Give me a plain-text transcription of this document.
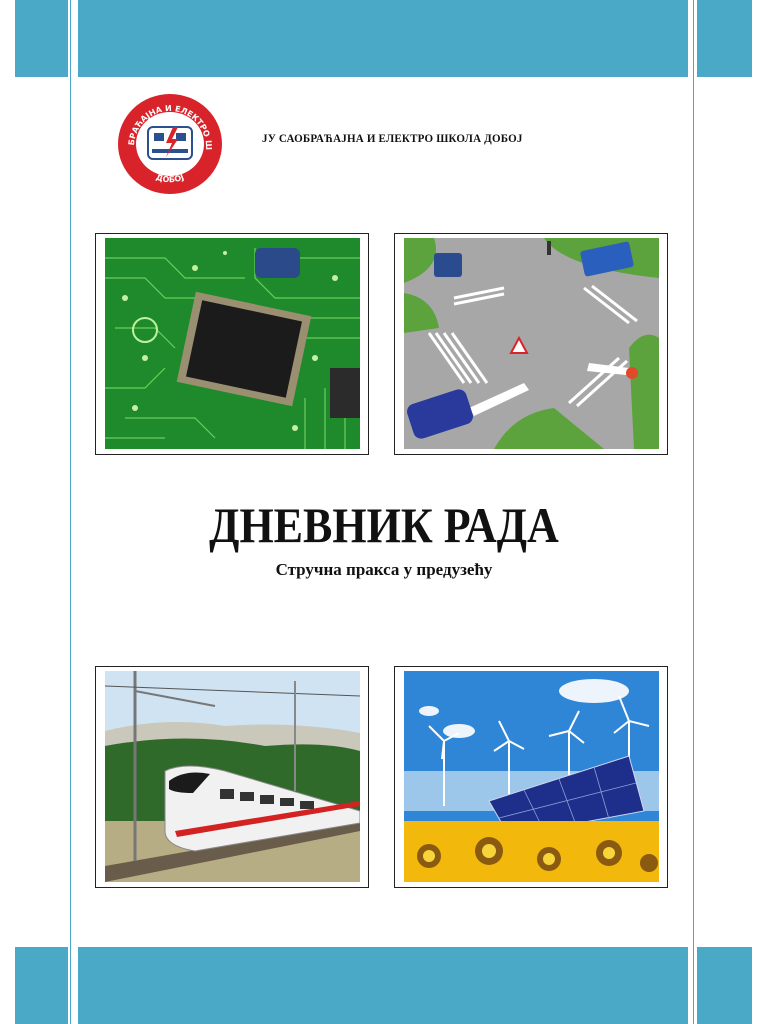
БРАЋАЈНА И ЕЛЕКТРО Ш
ДОБОЈ
ЈУ САОБРАЋАЈНА И ЕЛЕКТРО ШКОЛА ДОБОЈ
ДНЕВНИК РАДА
Стручна пракса у предузећу
